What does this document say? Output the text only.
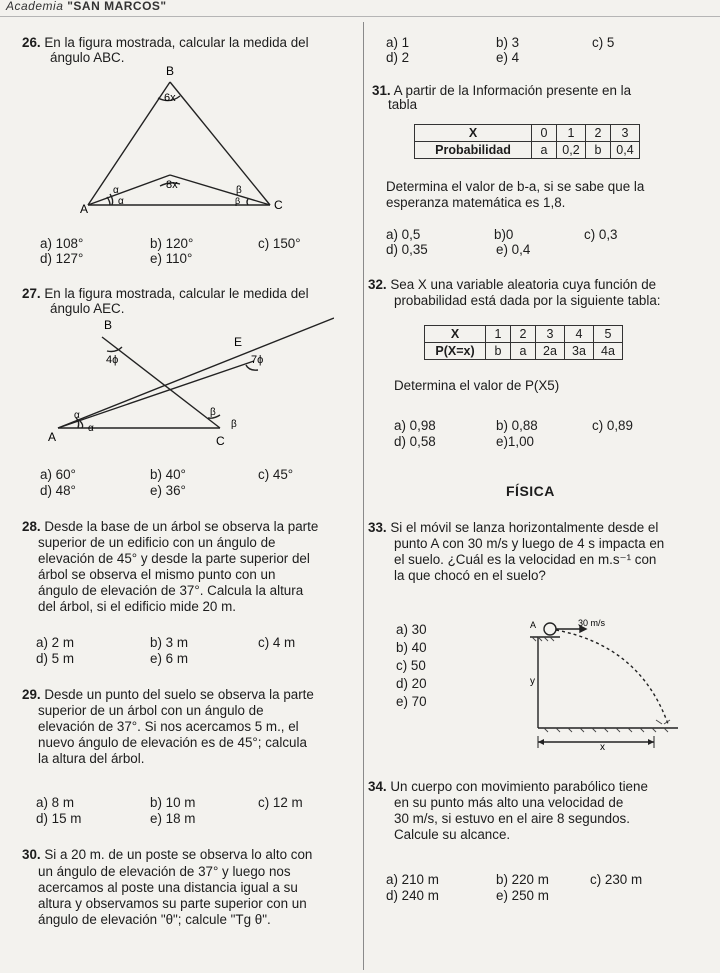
Academia "SAN MARCOS"
26. En la figura mostrada, calcular la medida del
ángulo ABC.
B
6x
8x
α
α
β
β
A	C
a) 108°	b) 120°	c) 150°
d) 127°	e) 110°
27. En la figura mostrada, calcular le medida del
ángulo AEC.
B
E
4ϕ	7ϕ
α
α
β
β
A	C
a) 60°	b) 40°	c) 45°
d) 48°	e) 36°
28. Desde la base de un árbol se observa la parte
superior de un edificio con un ángulo de
elevación de 45° y desde la parte superior del
árbol se observa el mismo punto con un
ángulo de elevación de 37°. Calcula la altura
del árbol, si el edificio mide 20 m.
a) 2 m	b) 3 m	c) 4 m
d) 5 m	e) 6 m
29. Desde un punto del suelo se observa la parte
superior de un árbol con un ángulo de
elevación de 37°. Si nos acercamos 5 m., el
nuevo ángulo de elevación es de 45°; calcula
la altura del árbol.
a) 8 m	b) 10 m	c) 12 m
d) 15 m	e) 18 m
30. Si a 20 m. de un poste se observa lo alto con
un ángulo de elevación de 37° y luego nos
acercamos al poste una distancia igual a su
altura y observamos su parte superior con un
ángulo de elevación "θ"; calcule "Tg θ".
a) 1	b) 3	c) 5
d) 2	e) 4
31. A partir de la Información presente en la
tabla
X	0	1	2	3
Probabilidad	a	0,2	b	0,4
Determina el valor de b-a, si se sabe que la
esperanza matemática es 1,8.
a) 0,5	b)0	c) 0,3
d) 0,35	e) 0,4
32. Sea X una variable aleatoria cuya función de
probabilidad está dada por la siguiente tabla:
X	1	2	3	4	5
P(X=x)	b	a	2a	3a	4a
Determina el valor de P(X5)
a) 0,98	b) 0,88	c) 0,89
d) 0,58	e)1,00
FÍSICA
33. Si el móvil se lanza horizontalmente desde el
punto A con 30 m/s y luego de 4 s impacta en
el suelo. ¿Cuál es la velocidad en m.s⁻¹ con
la que chocó en el suelo?
a) 30
b) 40
c) 50
d) 20
e) 70
A	30 m/s
y
x
34. Un cuerpo con movimiento parabólico tiene
en su punto más alto una velocidad de
30 m/s, si estuvo en el aire 8 segundos.
Calcule su alcance.
a) 210 m	b) 220 m	c) 230 m
d) 240 m	e) 250 m
